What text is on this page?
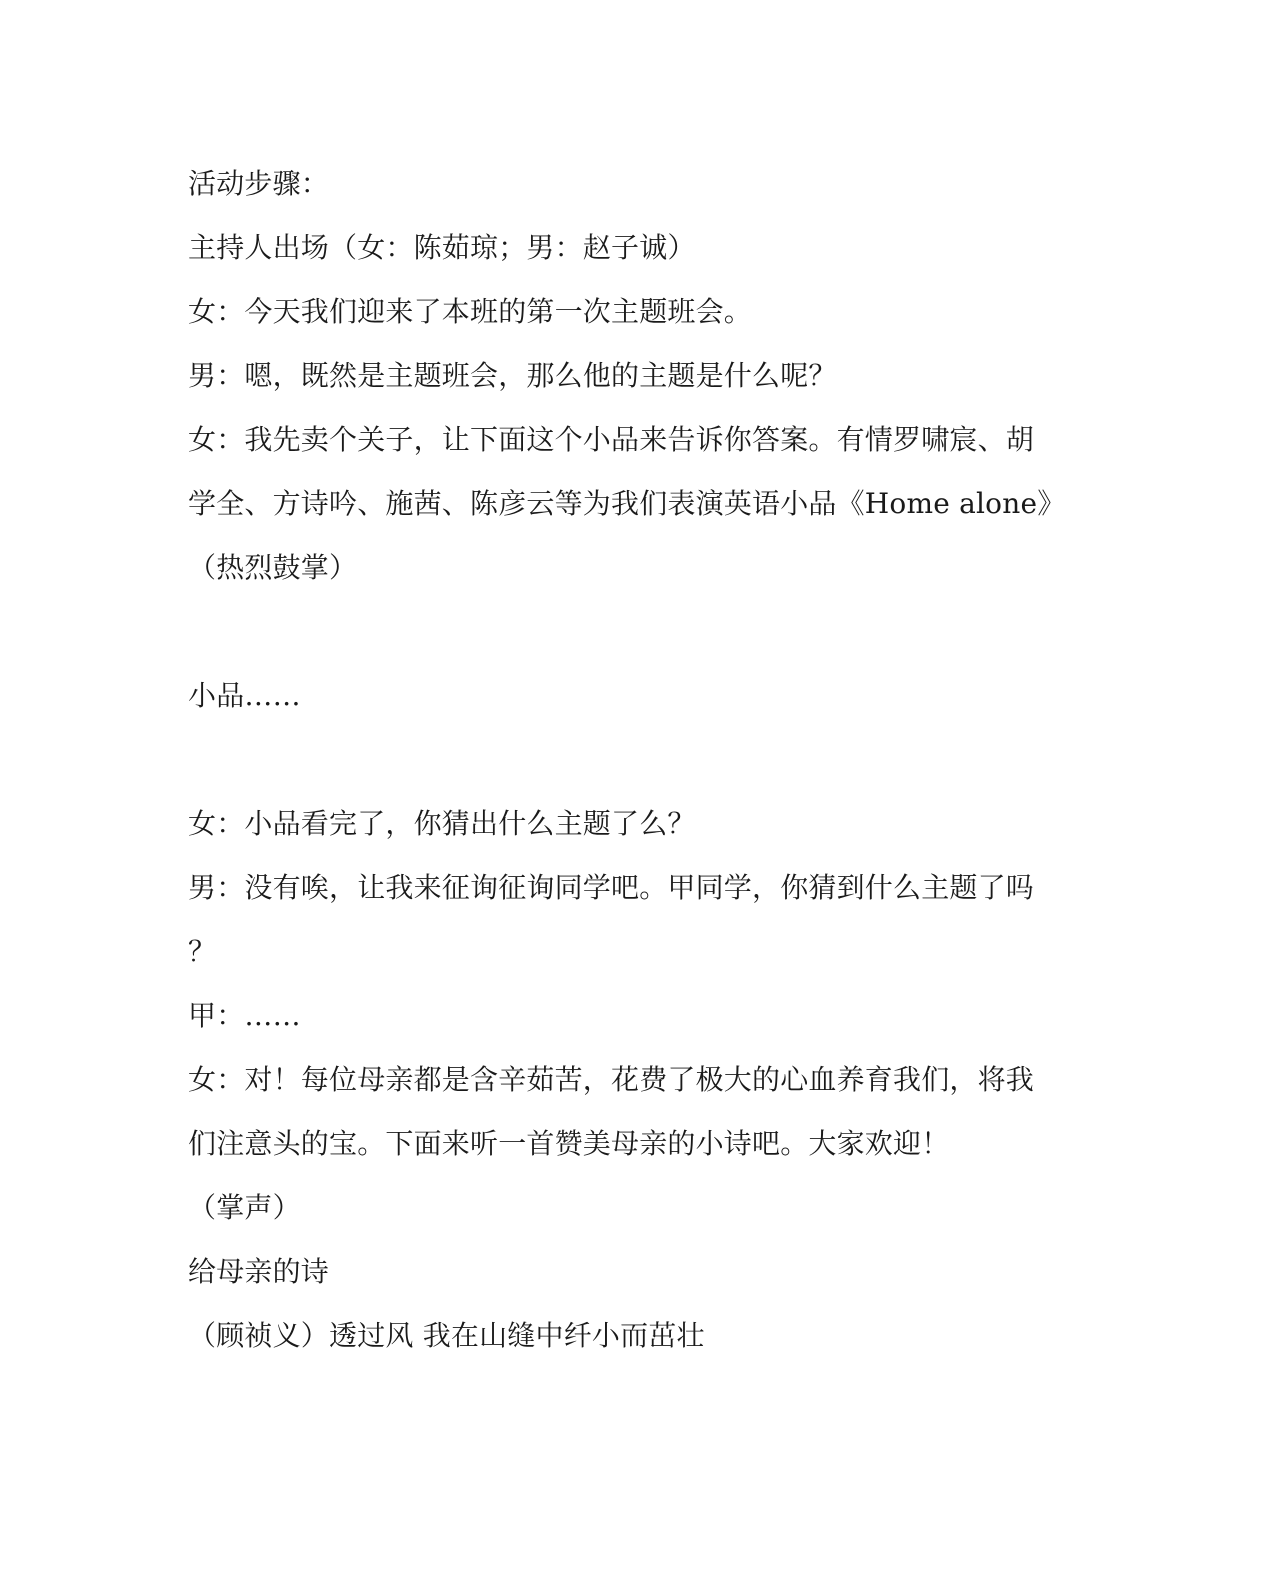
活动步骤：

主持人出场（女：陈茹琼；男：赵子诚）

女：今天我们迎来了本班的第一次主题班会。

男：嗯，既然是主题班会，那么他的主题是什么呢？

女：我先卖个关子，让下面这个小品来告诉你答案。有情罗啸宸、胡

学全、方诗吟、施茜、陈彦云等为我们表演英语小品《Home alone》

（热烈鼓掌）

小品……

女：小品看完了，你猜出什么主题了么？

男：没有唉，让我来征询征询同学吧。甲同学，你猜到什么主题了吗

？

甲：……

女：对！每位母亲都是含辛茹苦，花费了极大的心血养育我们，将我

们注意头的宝。下面来听一首赞美母亲的小诗吧。大家欢迎！

（掌声）

给母亲的诗

（顾祯义）透过风 我在山缝中纤小而茁壮
